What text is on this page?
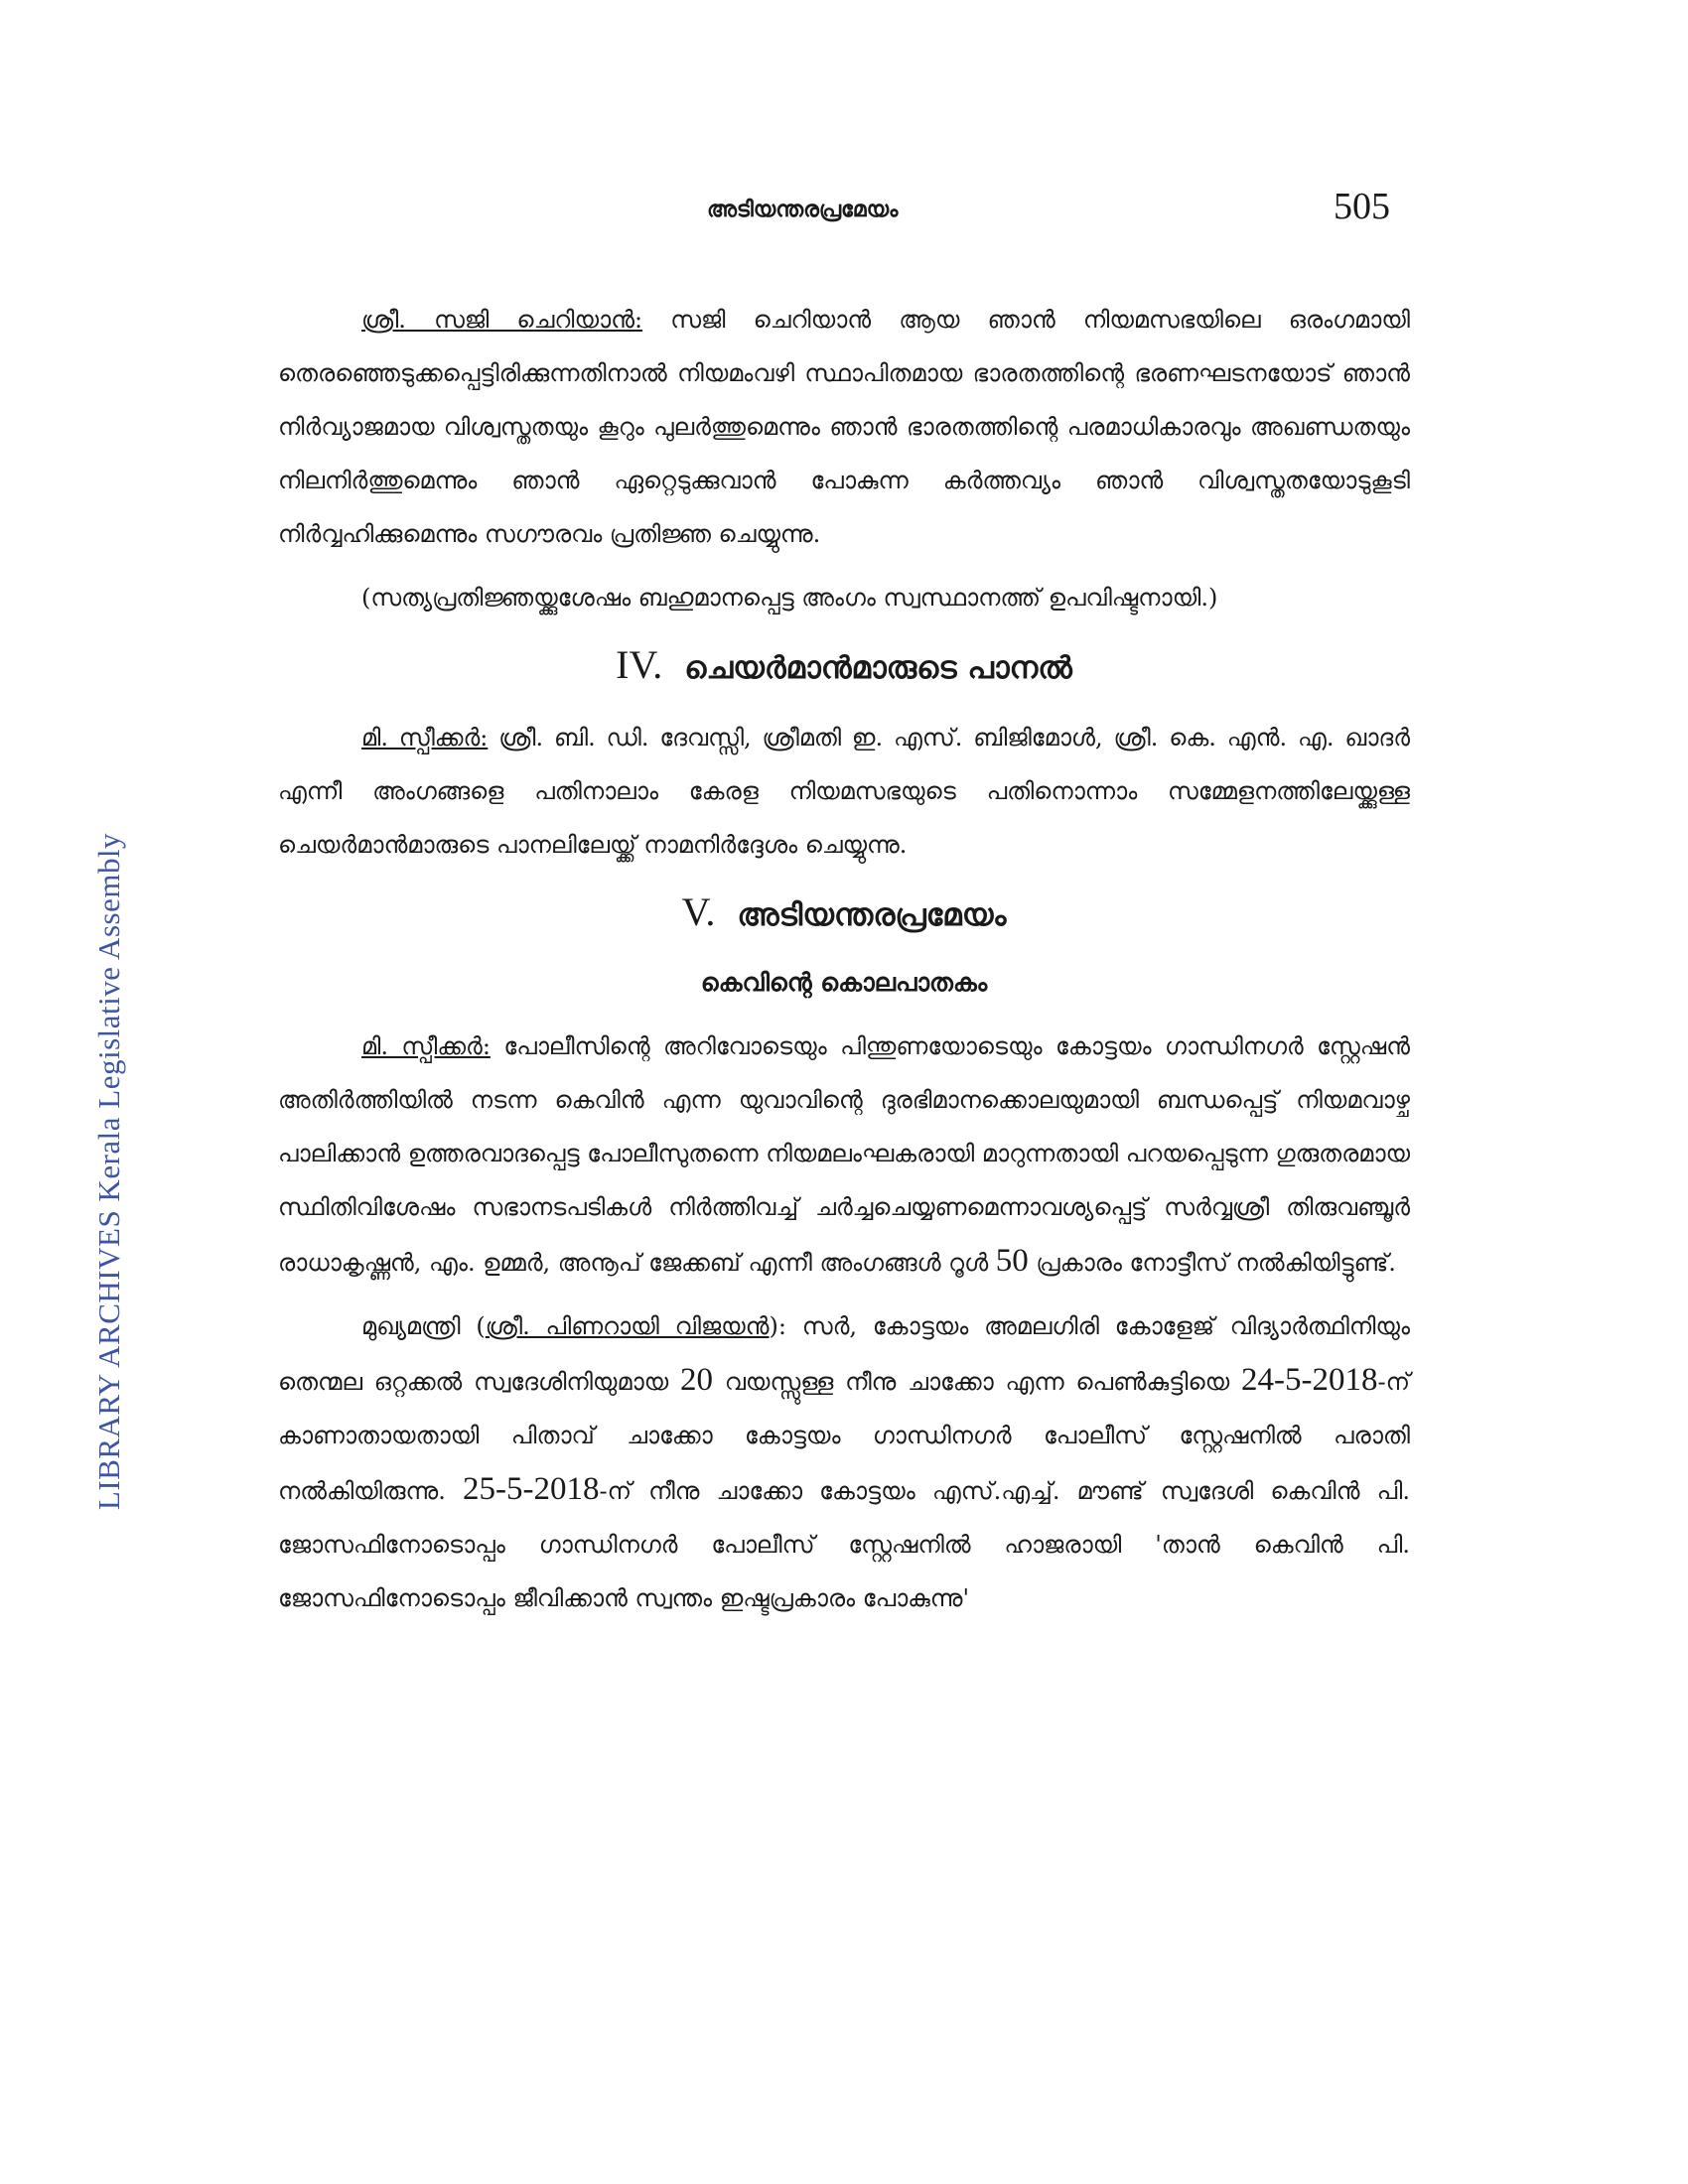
LIBRARY ARCHIVES Kerala Legislative Assembly
അടിയന്തരപ്രമേയം	505

ശ്രീ. സജി ചെറിയാൻ: സജി ചെറിയാൻ ആയ ഞാൻ നിയമസഭയിലെ ഒരംഗമായി തെരഞ്ഞെടുക്കപ്പെട്ടിരിക്കുന്നതിനാൽ നിയമംവഴി സ്ഥാപിതമായ ഭാരതത്തിന്റെ ഭരണഘടനയോട് ഞാൻ നിർവ്യാജമായ വിശ്വസ്തതയും കൂറും പുലർത്തുമെന്നും ഞാൻ ഭാരതത്തിന്റെ പരമാധികാരവും അഖണ്ഡതയും നിലനിർത്തുമെന്നും ഞാൻ ഏറ്റെടുക്കുവാൻ പോകുന്ന കർത്തവ്യം ഞാൻ വിശ്വസ്തതയോടുകൂടി നിർവ്വഹിക്കുമെന്നും സഗൗരവം പ്രതിജ്ഞ ചെയ്യുന്നു.

(സത്യപ്രതിജ്ഞയ്ക്കുശേഷം ബഹുമാനപ്പെട്ട അംഗം സ്വസ്ഥാനത്ത് ഉപവിഷ്ടനായി.)

IV. ചെയർമാൻമാരുടെ പാനൽ

മി. സ്പീക്കർ: ശ്രീ. ബി. ഡി. ദേവസ്സി, ശ്രീമതി ഇ. എസ്. ബിജിമോൾ, ശ്രീ. കെ. എൻ. എ. ഖാദർ എന്നീ അംഗങ്ങളെ പതിനാലാം കേരള നിയമസഭയുടെ പതിനൊന്നാം സമ്മേളനത്തിലേയ്ക്കുള്ള ചെയർമാൻമാരുടെ പാനലിലേയ്ക്ക് നാമനിർദ്ദേശം ചെയ്യുന്നു.

V. അടിയന്തരപ്രമേയം
കെവിന്റെ കൊലപാതകം

മി. സ്പീക്കർ: പോലീസിന്റെ അറിവോടെയും പിന്തുണയോടെയും കോട്ടയം ഗാന്ധിനഗർ സ്റ്റേഷൻ അതിർത്തിയിൽ നടന്ന കെവിൻ എന്ന യുവാവിന്റെ ദുരഭിമാനക്കൊലയുമായി ബന്ധപ്പെട്ട് നിയമവാഴ്ച പാലിക്കാൻ ഉത്തരവാദപ്പെട്ട പോലീസുതന്നെ നിയമലംഘകരായി മാറുന്നതായി പറയപ്പെടുന്ന ഗുരുതരമായ സ്ഥിതിവിശേഷം സഭാനടപടികൾ നിർത്തിവച്ച് ചർച്ചചെയ്യണമെന്നാവശ്യപ്പെട്ട് സർവ്വശ്രീ തിരുവഞ്ചൂർ രാധാകൃഷ്ണൻ, എം. ഉമ്മർ, അനൂപ് ജേക്കബ് എന്നീ അംഗങ്ങൾ റൂൾ 50 പ്രകാരം നോട്ടീസ് നൽകിയിട്ടുണ്ട്.

മുഖ്യമന്ത്രി (ശ്രീ. പിണറായി വിജയൻ): സർ, കോട്ടയം അമലഗിരി കോളേജ് വിദ്യാർത്ഥിനിയും തെന്മല ഒറ്റക്കൽ സ്വദേശിനിയുമായ 20 വയസ്സുള്ള നീനു ചാക്കോ എന്ന പെൺകുട്ടിയെ 24-5-2018-ന് കാണാതായതായി പിതാവ് ചാക്കോ കോട്ടയം ഗാന്ധിനഗർ പോലീസ് സ്റ്റേഷനിൽ പരാതി നൽകിയിരുന്നു. 25-5-2018-ന് നീനു ചാക്കോ കോട്ടയം എസ്.എച്ച്. മൗണ്ട് സ്വദേശി കെവിൻ പി. ജോസഫിനോടൊപ്പം ഗാന്ധിനഗർ പോലീസ് സ്റ്റേഷനിൽ ഹാജരായി 'താൻ കെവിൻ പി. ജോസഫിനോടൊപ്പം ജീവിക്കാൻ സ്വന്തം ഇഷ്ടപ്രകാരം പോകുന്നു'
